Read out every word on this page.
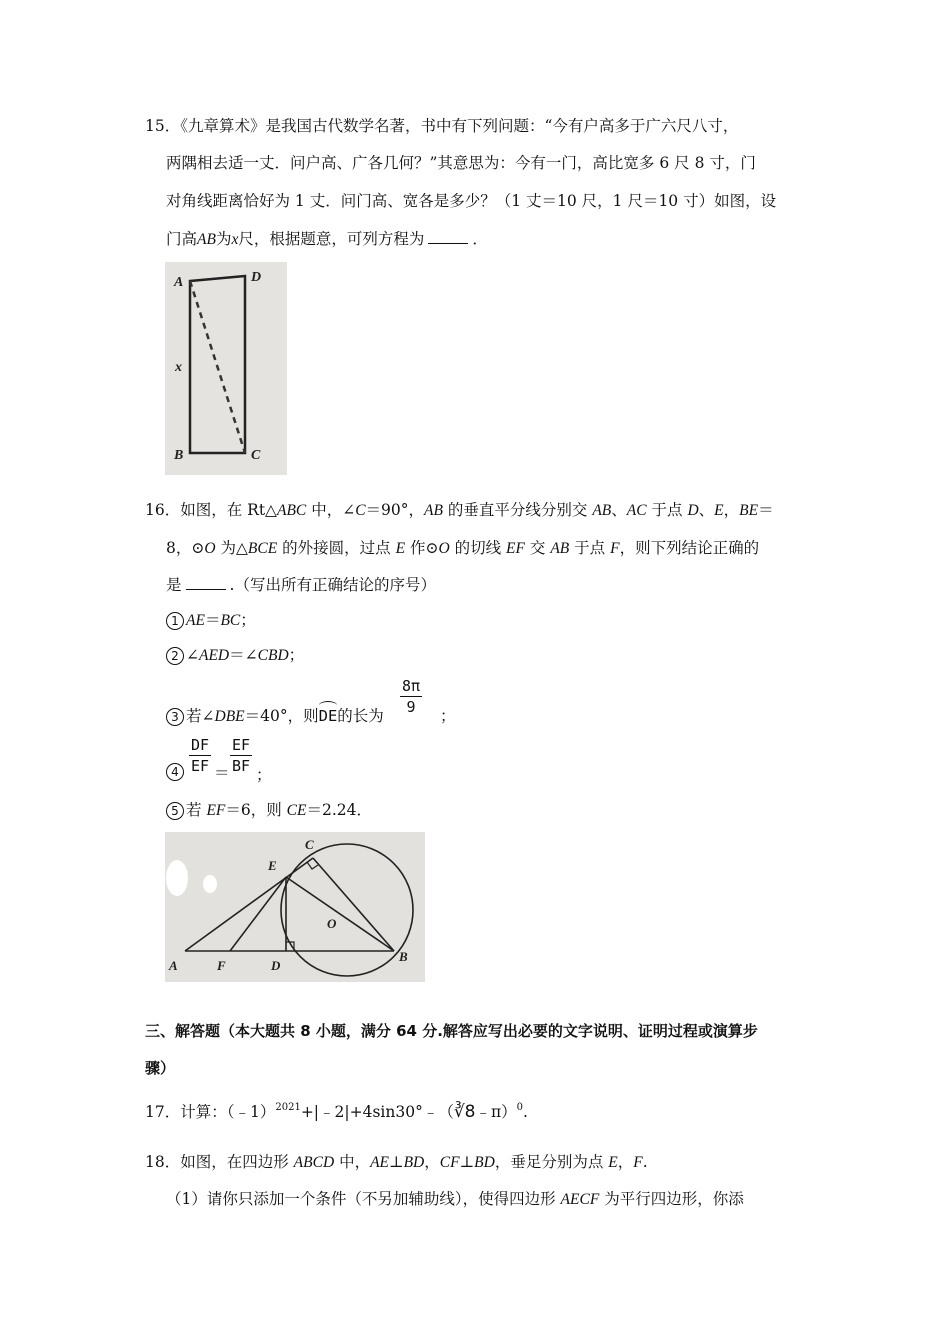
15．《九章算术》是我国古代数学名著，书中有下列问题：“今有户高多于广六尺八寸，
两隅相去适一丈．问户高、广各几何？”其意思为：今有一门，高比宽多 6 尺 8 寸，门
对角线距离恰好为 1 丈．问门高、宽各是多少？（1 丈＝10 尺，1 尺＝10 寸）如图，设
门高AB为x尺，根据题意，可列方程为	．
A	D
B	C
x
16．如图，在 Rt△ABC 中，∠C＝90°，AB 的垂直平分线分别交 AB、AC 于点 D、E，BE＝
8，⊙O 为△BCE 的外接圆，过点 E 作⊙O 的切线 EF 交 AB 于点 F，则下列结论正确的
是	.（写出所有正确结论的序号）
1 AE＝BC；
2 ∠AED＝∠CBD；
3 若∠DBE＝40°，则
DE的长为 $\frac{8\pi}{9}$ ；
$4 \frac{DF}{EF} = \frac{EF}{BF}$ ；
5 若 EF＝6，则 CE＝2.24．
A	F	D
B
E
C
O
三、解答题（本大题共 8 小题，满分 64 分.解答应写出必要的文字说明、证明过程或演算步
骤）
17．计算：（﹣1）$^{2021}$+|﹣2|+4sin30°﹣（∛8﹣π）$^0$.
18．如图，在四边形 ABCD 中，AE⊥BD，CF⊥BD，垂足分别为点 E，F.
（1）请你只添加一个条件（不另加辅助线），使得四边形 AECF 为平行四边形，你添
